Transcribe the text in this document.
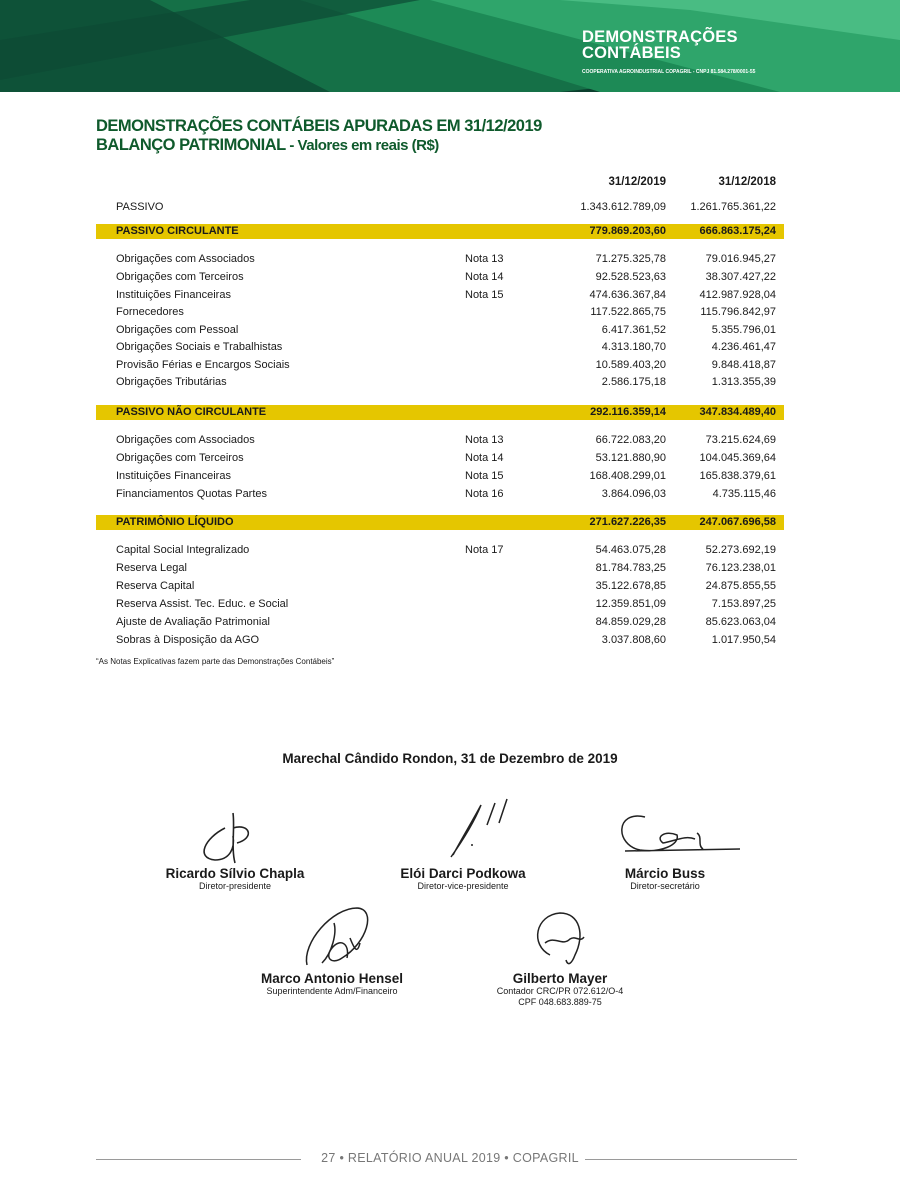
DEMONSTRAÇÕES
CONTÁBEIS
COOPERATIVA AGROINDUSTRIAL COPAGRIL - CNPJ 81.584.278/0001-55
DEMONSTRAÇÕES CONTÁBEIS APURADAS EM 31/12/2019
BALANÇO PATRIMONIAL - Valores em reais (R$)
31/12/2019	31/12/2018
PASSIVO	1.343.612.789,09 1.261.765.361,22
PASSIVO CIRCULANTE	779.869.203,60	666.863.175,24
Obrigações com Associados	Nota 13	71.275.325,78	79.016.945,27
Obrigações com Terceiros	Nota 14	92.528.523,63	38.307.427,22
Instituições Financeiras	Nota 15	474.636.367,84	412.987.928,04
Fornecedores	117.522.865,75	115.796.842,97
Obrigações com Pessoal	6.417.361,52	5.355.796,01
Obrigações Sociais e Trabalhistas	4.313.180,70	4.236.461,47
Provisão Férias e Encargos Sociais	10.589.403,20	9.848.418,87
Obrigações Tributárias	2.586.175,18	1.313.355,39
PASSIVO NÃO CIRCULANTE	292.116.359,14	347.834.489,40
Obrigações com Associados	Nota 13	66.722.083,20	73.215.624,69
Obrigações com Terceiros	Nota 14	53.121.880,90	104.045.369,64
Instituições Financeiras	Nota 15	168.408.299,01	165.838.379,61
Financiamentos Quotas Partes	Nota 16	3.864.096,03	4.735.115,46
PATRIMÔNIO LÍQUIDO	271.627.226,35	247.067.696,58
Capital Social Integralizado	Nota 17	54.463.075,28	52.273.692,19
Reserva Legal	81.784.783,25	76.123.238,01
Reserva Capital	35.122.678,85	24.875.855,55
Reserva Assist. Tec. Educ. e Social	12.359.851,09	7.153.897,25
Ajuste de Avaliação Patrimonial	84.859.029,28	85.623.063,04
Sobras à Disposição da AGO	3.037.808,60	1.017.950,54
“As Notas Explicativas fazem parte das Demonstrações Contábeis”
Marechal Cândido Rondon, 31 de Dezembro de 2019
Ricardo Sílvio Chapla
Diretor-presidente
Elói Darci Podkowa
Diretor-vice-presidente
Márcio Buss
Diretor-secretário
Marco Antonio Hensel
Superintendente Adm/Financeiro
Gilberto Mayer
Contador CRC/PR 072.612/O-4
CPF 048.683.889-75
27 • RELATÓRIO ANUAL 2019 • COPAGRIL
